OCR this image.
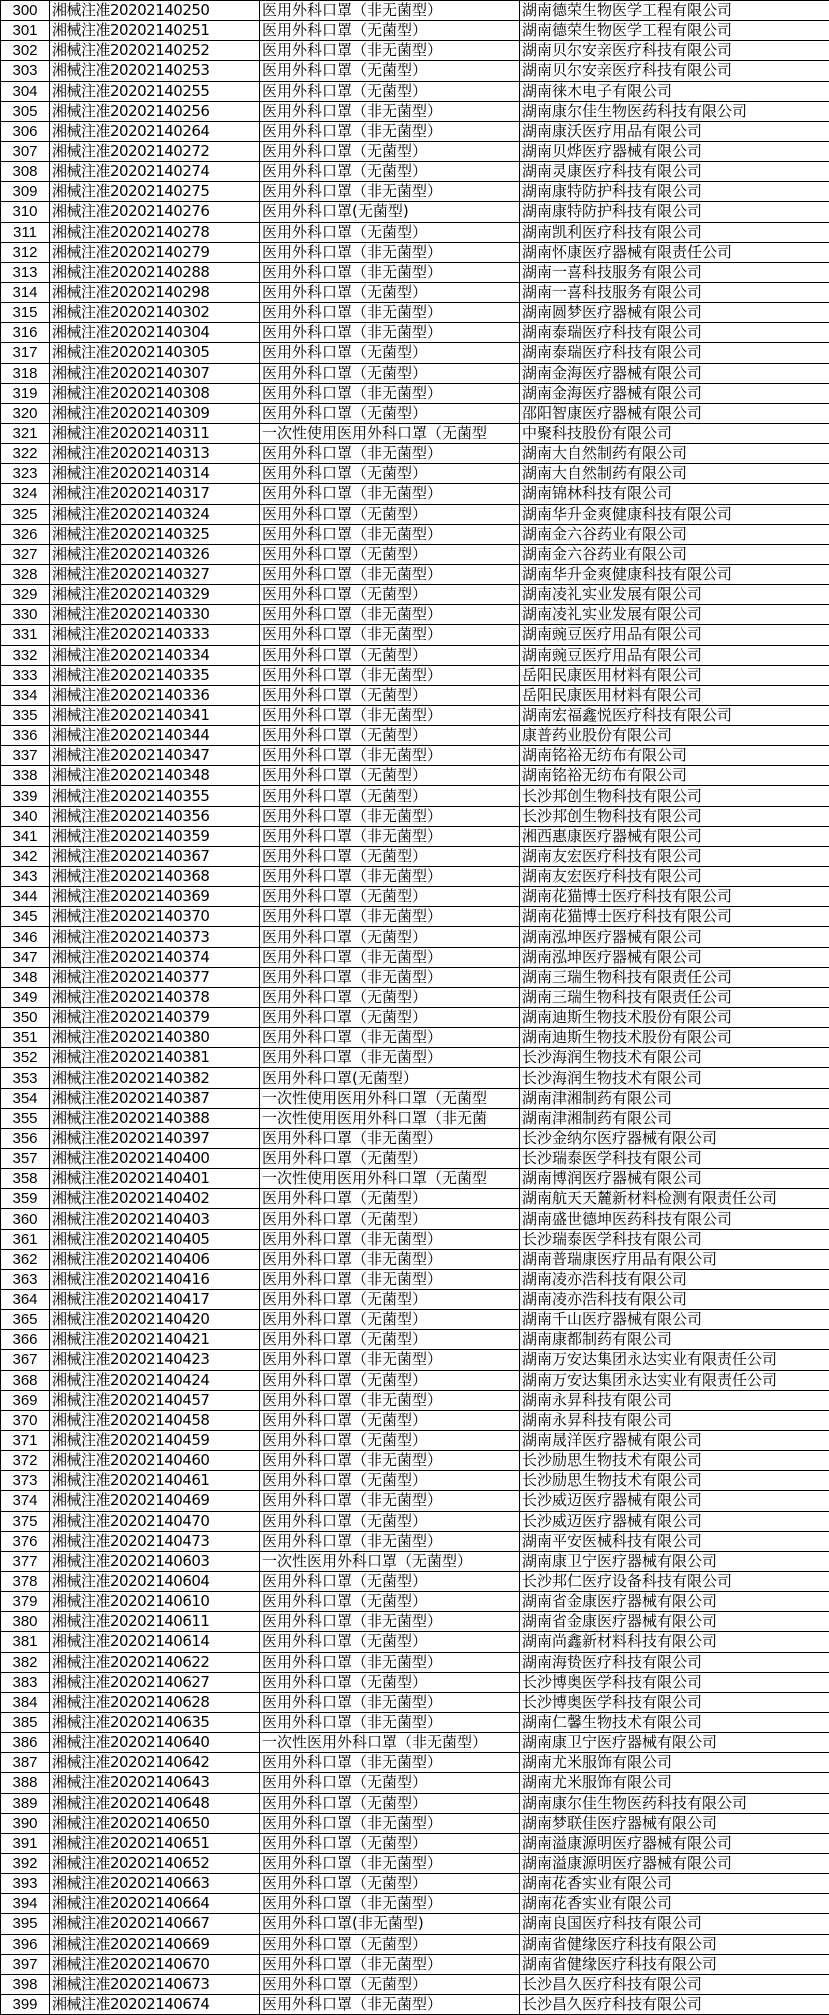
300	湘械注准20202140250	医用外科口罩（非无菌型）	湖南德荣生物医学工程有限公司
301	湘械注准20202140251	医用外科口罩（无菌型）	湖南德荣生物医学工程有限公司
302	湘械注准20202140252	医用外科口罩（非无菌型）	湖南贝尔安亲医疗科技有限公司
303	湘械注准20202140253	医用外科口罩（无菌型）	湖南贝尔安亲医疗科技有限公司
304	湘械注准20202140255	医用外科口罩（无菌型）	湖南徕木电子有限公司
305	湘械注准20202140256	医用外科口罩（非无菌型）	湖南康尔佳生物医药科技有限公司
306	湘械注准20202140264	医用外科口罩（非无菌型）	湖南康沃医疗用品有限公司
307	湘械注准20202140272	医用外科口罩（无菌型）	湖南贝烨医疗器械有限公司
308	湘械注准20202140274	医用外科口罩（无菌型）	湖南灵康医疗科技有限公司
309	湘械注准20202140275	医用外科口罩（非无菌型）	湖南康特防护科技有限公司
310	湘械注准20202140276	医用外科口罩(无菌型)	湖南康特防护科技有限公司
311	湘械注准20202140278	医用外科口罩（无菌型）	湖南凯利医疗科技有限公司
312	湘械注准20202140279	医用外科口罩（非无菌型）	湖南怀康医疗器械有限责任公司
313	湘械注准20202140288	医用外科口罩（非无菌型）	湖南一喜科技服务有限公司
314	湘械注准20202140298	医用外科口罩（无菌型）	湖南一喜科技服务有限公司
315	湘械注准20202140302	医用外科口罩（非无菌型）	湖南圆梦医疗器械有限公司
316	湘械注准20202140304	医用外科口罩（非无菌型）	湖南泰瑞医疗科技有限公司
317	湘械注准20202140305	医用外科口罩（无菌型）	湖南泰瑞医疗科技有限公司
318	湘械注准20202140307	医用外科口罩（无菌型）	湖南金海医疗器械有限公司
319	湘械注准20202140308	医用外科口罩（非无菌型）	湖南金海医疗器械有限公司
320	湘械注准20202140309	医用外科口罩（无菌型）	邵阳智康医疗器械有限公司
321	湘械注准20202140311	一次性使用医用外科口罩（无菌型	中聚科技股份有限公司
322	湘械注准20202140313	医用外科口罩（非无菌型）	湖南大自然制药有限公司
323	湘械注准20202140314	医用外科口罩（无菌型）	湖南大自然制药有限公司
324	湘械注准20202140317	医用外科口罩（非无菌型）	湖南锦林科技有限公司
325	湘械注准20202140324	医用外科口罩（无菌型）	湖南华升金爽健康科技有限公司
326	湘械注准20202140325	医用外科口罩（非无菌型）	湖南金六谷药业有限公司
327	湘械注准20202140326	医用外科口罩（无菌型）	湖南金六谷药业有限公司
328	湘械注准20202140327	医用外科口罩（非无菌型）	湖南华升金爽健康科技有限公司
329	湘械注准20202140329	医用外科口罩（无菌型）	湖南凌礼实业发展有限公司
330	湘械注准20202140330	医用外科口罩（非无菌型）	湖南凌礼实业发展有限公司
331	湘械注准20202140333	医用外科口罩（非无菌型）	湖南豌豆医疗用品有限公司
332	湘械注准20202140334	医用外科口罩（无菌型）	湖南豌豆医疗用品有限公司
333	湘械注准20202140335	医用外科口罩（非无菌型）	岳阳民康医用材料有限公司
334	湘械注准20202140336	医用外科口罩（无菌型）	岳阳民康医用材料有限公司
335	湘械注准20202140341	医用外科口罩（非无菌型）	湖南宏福鑫悦医疗科技有限公司
336	湘械注准20202140344	医用外科口罩（无菌型）	康普药业股份有限公司
337	湘械注准20202140347	医用外科口罩（非无菌型）	湖南铭裕无纺布有限公司
338	湘械注准20202140348	医用外科口罩（无菌型）	湖南铭裕无纺布有限公司
339	湘械注准20202140355	医用外科口罩（无菌型）	长沙邦创生物科技有限公司
340	湘械注准20202140356	医用外科口罩（非无菌型）	长沙邦创生物科技有限公司
341	湘械注准20202140359	医用外科口罩（非无菌型）	湘西惠康医疗器械有限公司
342	湘械注准20202140367	医用外科口罩（无菌型）	湖南友宏医疗科技有限公司
343	湘械注准20202140368	医用外科口罩（非无菌型）	湖南友宏医疗科技有限公司
344	湘械注准20202140369	医用外科口罩（无菌型）	湖南花猫博士医疗科技有限公司
345	湘械注准20202140370	医用外科口罩（非无菌型）	湖南花猫博士医疗科技有限公司
346	湘械注准20202140373	医用外科口罩（无菌型）	湖南泓坤医疗器械有限公司
347	湘械注准20202140374	医用外科口罩（非无菌型）	湖南泓坤医疗器械有限公司
348	湘械注准20202140377	医用外科口罩（非无菌型）	湖南三瑞生物科技有限责任公司
349	湘械注准20202140378	医用外科口罩（无菌型）	湖南三瑞生物科技有限责任公司
350	湘械注准20202140379	医用外科口罩（无菌型）	湖南迪斯生物技术股份有限公司
351	湘械注准20202140380	医用外科口罩（非无菌型）	湖南迪斯生物技术股份有限公司
352	湘械注准20202140381	医用外科口罩（非无菌型）	长沙海润生物技术有限公司
353	湘械注准20202140382	医用外科口罩(无菌型）	长沙海润生物技术有限公司
354	湘械注准20202140387	一次性使用医用外科口罩（无菌型	湖南津湘制药有限公司
355	湘械注准20202140388	一次性使用医用外科口罩（非无菌	湖南津湘制药有限公司
356	湘械注准20202140397	医用外科口罩（非无菌型）	长沙金纳尔医疗器械有限公司
357	湘械注准20202140400	医用外科口罩（无菌型）	长沙瑞泰医学科技有限公司
358	湘械注准20202140401	一次性使用医用外科口罩（无菌型	湖南博润医疗器械有限公司
359	湘械注准20202140402	医用外科口罩（无菌型）	湖南航天天麓新材料检测有限责任公司
360	湘械注准20202140403	医用外科口罩（无菌型）	湖南盛世德坤医药科技有限公司
361	湘械注准20202140405	医用外科口罩（非无菌型）	长沙瑞泰医学科技有限公司
362	湘械注准20202140406	医用外科口罩（非无菌型）	湖南普瑞康医疗用品有限公司
363	湘械注准20202140416	医用外科口罩（非无菌型）	湖南凌亦浩科技有限公司
364	湘械注准20202140417	医用外科口罩（无菌型）	湖南凌亦浩科技有限公司
365	湘械注准20202140420	医用外科口罩（无菌型）	湖南千山医疗器械有限公司
366	湘械注准20202140421	医用外科口罩（无菌型）	湖南康都制药有限公司
367	湘械注准20202140423	医用外科口罩（非无菌型）	湖南万安达集团永达实业有限责任公司
368	湘械注准20202140424	医用外科口罩（无菌型）	湖南万安达集团永达实业有限责任公司
369	湘械注准20202140457	医用外科口罩（非无菌型）	湖南永昇科技有限公司
370	湘械注准20202140458	医用外科口罩（无菌型）	湖南永昇科技有限公司
371	湘械注准20202140459	医用外科口罩（无菌型）	湖南晟洋医疗器械有限公司
372	湘械注准20202140460	医用外科口罩（非无菌型）	长沙励思生物技术有限公司
373	湘械注准20202140461	医用外科口罩（无菌型）	长沙励思生物技术有限公司
374	湘械注准20202140469	医用外科口罩（非无菌型）	长沙威迈医疗器械有限公司
375	湘械注准20202140470	医用外科口罩（无菌型）	长沙威迈医疗器械有限公司
376	湘械注准20202140473	医用外科口罩（非无菌型）	湖南平安医械科技有限公司
377	湘械注准20202140603	一次性医用外科口罩（无菌型）	湖南康卫宁医疗器械有限公司
378	湘械注准20202140604	医用外科口罩（无菌型）	长沙邦仁医疗设备科技有限公司
379	湘械注准20202140610	医用外科口罩（无菌型）	湖南省金康医疗器械有限公司
380	湘械注准20202140611	医用外科口罩（非无菌型）	湖南省金康医疗器械有限公司
381	湘械注准20202140614	医用外科口罩（无菌型）	湖南尚鑫新材料科技有限公司
382	湘械注准20202140622	医用外科口罩（非无菌型）	湖南海贽医疗科技有限公司
383	湘械注准20202140627	医用外科口罩（无菌型）	长沙博奥医学科技有限公司
384	湘械注准20202140628	医用外科口罩（非无菌型）	长沙博奥医学科技有限公司
385	湘械注准20202140635	医用外科口罩（非无菌型）	湖南仁馨生物技术有限公司
386	湘械注准20202140640	一次性医用外科口罩（非无菌型）	湖南康卫宁医疗器械有限公司
387	湘械注准20202140642	医用外科口罩（非无菌型）	湖南尤米服饰有限公司
388	湘械注准20202140643	医用外科口罩（无菌型）	湖南尤米服饰有限公司
389	湘械注准20202140648	医用外科口罩（无菌型）	湖南康尔佳生物医药科技有限公司
390	湘械注准20202140650	医用外科口罩（非无菌型）	湖南梦联佳医疗器械有限公司
391	湘械注准20202140651	医用外科口罩（无菌型）	湖南溢康源明医疗器械有限公司
392	湘械注准20202140652	医用外科口罩（非无菌型）	湖南溢康源明医疗器械有限公司
393	湘械注准20202140663	医用外科口罩（无菌型）	湖南花香实业有限公司
394	湘械注准20202140664	医用外科口罩（非无菌型）	湖南花香实业有限公司
395	湘械注准20202140667	医用外科口罩(非无菌型)	湖南良国医疗科技有限公司
396	湘械注准20202140669	医用外科口罩（无菌型）	湖南省健缘医疗科技有限公司
397	湘械注准20202140670	医用外科口罩（非无菌型）	湖南省健缘医疗科技有限公司
398	湘械注准20202140673	医用外科口罩（无菌型）	长沙昌久医疗科技有限公司
399	湘械注准20202140674	医用外科口罩（非无菌型）	长沙昌久医疗科技有限公司
